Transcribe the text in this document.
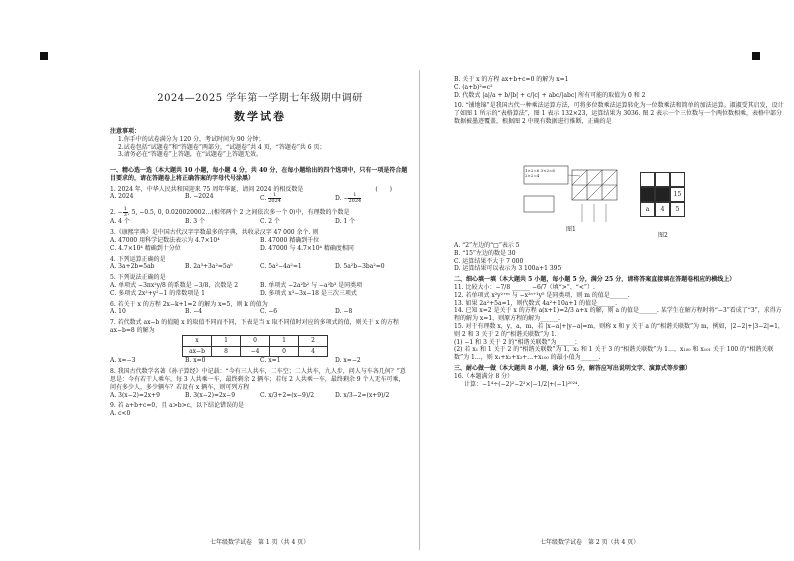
2024—2025 学年第一学期七年级期中调研
数学试卷
注意事项：
1.你手中的试卷满分为 120 分，考试时间为 90 分钟；
2.试卷包括“试题卷”和“答题卷”两部分，“试题卷”共 4 页，“答题卷”共 6 页；
3.请务必在“答题卷”上答题，在“试题卷”上答题无效。
一、精心选一选（本大题共 10 小题，每小题 4 分，共 40 分，在每小题给出的四个选项中，只有一项是符合题目要求的，请在答题卷上将正确答案的字母代号涂黑）
1. 2024 年，中华人民共和国迎来 75 周年华诞，请问 2024 的相反数是	(　　)
A. 2024	B. −2024	C. $\frac{1}{2024}$	D. − $\frac{1}{2024}$
2. − $\frac{1}{3}$ , 5, −0.5, 0, 0.020020002…(相邻两个 2 之间依次多一个 0)中，有理数的个数是
A. 4 个	B. 3 个	C. 2 个	D. 1 个
3.《康熙字典》是中国古代汉字字数最多的字典，共收录汉字 47 000 余个. 则
A. 47000 用科学记数法表示为 4.7×10⁴	B. 47000 精确到千位
C. 4.7×10⁴ 精确到十分位	D. 47000 与 4.7×10⁴ 精确度相同
4. 下列运算正确的是
A. 3a+2b=5ab	B. 2a³+3a²=5a⁵	C. 5a²−4a²=1	D. 5a²b−3ba²=0
5. 下列说法正确的是
A. 单项式 −3πx²y/8 的系数是 −3/8，次数是 2	B. 单项式 −2a²b² 与 −a²b³ 是同类项
C. 多项式 2x²+y²−1 的常数项是 1	D. 多项式 x³−3x−18 是三次三项式
6. 若关于 x 的方程 2x−k+1=2 的解为 x=5，则 k 的值为
A. 10	B. −4	C. −6	D. −8
7. 若代数式 ax−b 的值随 x 的取值不同而不同，下表是当 x 取不同值时对应的多项式的值，则关于 x 的方程 ax−b=8 的解为
x	1	0	1	2
ax−b	8	−4	0	4
A. x=−3	B. x=0	C. x=1	D. x=−2
8. 我国古代数学名著《孙子算经》中记载：“今有三人共车，二车空；二人共车，九人步，问人与车各几何？”意思是：今有若干人乘车，每 3 人共乘一车，最终剩余 2 辆车；若每 2 人共乘一车，最终剩余 9 个人无车可乘，问有多少人，多少辆车？若设有 x 辆车，则可列方程
A. 3(x−2)=2x+9	B. 3(x−2)=2x−9	C. x/3+2=(x−9)/2	D. x/3−2=(x+9)/2
9. 若 a+b+c=0，且 a>b>c，以下结论错误的是
A. c<0
七年级数学试卷　第 1 页（共 4 页）
B. 关于 x 的方程 ax+b+c=0 的解为 x=1
C. (a+b)²=c²
D. 代数式 |a|/a + b/|b| + c/|c| + abc/|abc| 所有可能的取值为 0 和 2
10. “铺地锦”是我国古代一种乘法运算方法，可将多位数乘法运算转化为一位数乘法和简单的加法运算。淑淑受其启发，设计了如图 1 所示的“表格算法”，图 1 表示 132×23，运算结果为 3036. 图 2 表示一个三位数与一个两位数相乘，表格中部分数据被墨迹覆盖，根据图 2 中现有数据进行推断，正确的是
1×2=6 3×2=6 2×2=4
图1
15
a	4	5
图2
A. “2”左边的“□”表示 5
B. “15”左边的数是 30
C. 运算结果不大于 7 000
D. 运算结果可以表示为 3 100a+1 395
二、细心填一填（本大题共 5 小题，每小题 5 分，满分 25 分，请将答案直接填在答题卷相应的横线上）
11. 比较大小：−7/8 ______ −6/7（填“>”、“<”）.
12. 若单项式 x²y²⁺ᵐ 与 −x²ⁿ⁺¹y⁵ 是同类项，则 m 的值是______.
13. 如果 2a²+5a=1，则代数式 4a²+10a+1 的值是______.
14. 已知 x=2 是关于 x 的方程 a(x+1)=2/3 a+x 的解，则 a 的值是______. 某学生在解方程时将“−3”看成了“3”，求得方程的解为 x=1，则原方程的解为______.
15. 对于有理数 x，y，a，m，若 |x−a|+|y−a|=m，则称 x 和 y 关于 a 的“相谐关联数”为 m，例如，|2−2|+|3−2|=1，则 2 和 3 关于 2 的“相谐关联数”为 1.
(1) −1 和 3 关于 2 的“相谐关联数”为______；
(2) 若 x₁ 和 1 关于 2 的“相谐关联数”为 1，x₂ 和 1 关于 3 的“相谐关联数”为 1…，x₁₀₀ 和 x₁₀₁ 关于 100 的“相谐关联数”为 1…，则 x₁+x₂+x₃+…+x₁₀₀ 的最小值为______.
三、耐心做一做（本大题共 8 小题，满分 65 分，解答应写出说明文字、演算式等步骤）
16.（本题满分 8 分）
计算：−1⁴÷(−2)²−2²×|−1/2|+(−1)²⁰²⁴.
七年级数学试卷　第 2 页（共 4 页）
